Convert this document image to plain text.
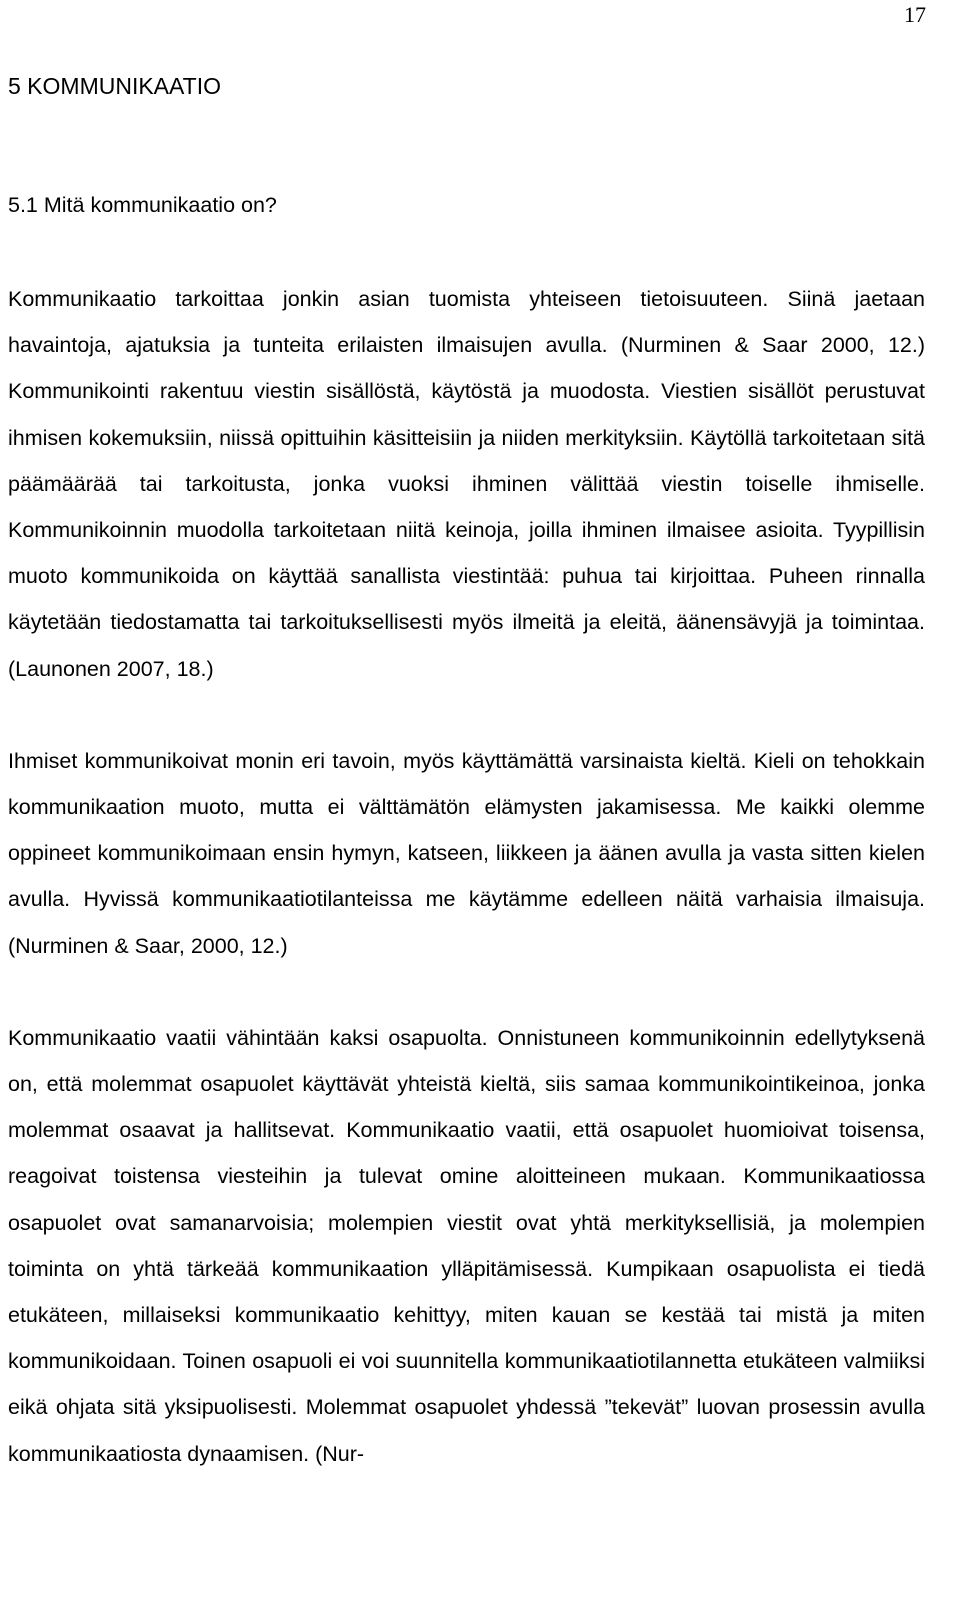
17
5 KOMMUNIKAATIO
5.1 Mitä kommunikaatio on?

Kommunikaatio tarkoittaa jonkin asian tuomista yhteiseen tietoisuuteen. Siinä jaetaan havaintoja, ajatuksia ja tunteita erilaisten ilmaisujen avulla. (Nurminen & Saar 2000, 12.) Kommunikointi rakentuu viestin sisällöstä, käytöstä ja muodosta. Viestien sisällöt perustuvat ihmisen kokemuksiin, niissä opittuihin käsitteisiin ja niiden merkityksiin. Käytöllä tarkoitetaan sitä päämäärää tai tarkoitusta, jonka vuoksi ihminen välittää viestin toiselle ihmiselle. Kommunikoinnin muodolla tarkoitetaan niitä keinoja, joilla ihminen ilmaisee asioita. Tyypillisin muoto kommunikoida on käyttää sanallista viestintää: puhua tai kirjoittaa. Puheen rinnalla käytetään tiedostamatta tai tarkoituksellisesti myös ilmeitä ja eleitä, äänensävyjä ja toimintaa. (Launonen 2007, 18.)

Ihmiset kommunikoivat monin eri tavoin, myös käyttämättä varsinaista kieltä. Kieli on tehokkain kommunikaation muoto, mutta ei välttämätön elämysten jakamisessa. Me kaikki olemme oppineet kommunikoimaan ensin hymyn, katseen, liikkeen ja äänen avulla ja vasta sitten kielen avulla. Hyvissä kommunikaatiotilanteissa me käytämme edelleen näitä varhaisia ilmaisuja. (Nurminen & Saar, 2000, 12.)

Kommunikaatio vaatii vähintään kaksi osapuolta. Onnistuneen kommunikoinnin edellytyksenä on, että molemmat osapuolet käyttävät yhteistä kieltä, siis samaa kommunikointikeinoa, jonka molemmat osaavat ja hallitsevat. Kommunikaatio vaatii, että osapuolet huomioivat toisensa, reagoivat toistensa viesteihin ja tulevat omine aloitteineen mukaan. Kommunikaatiossa osapuolet ovat samanarvoisia; molempien viestit ovat yhtä merkityksellisiä, ja molempien toiminta on yhtä tärkeää kommunikaation ylläpitämisessä. Kumpikaan osapuolista ei tiedä etukäteen, millaiseksi kommunikaatio kehittyy, miten kauan se kestää tai mistä ja miten kommunikoidaan. Toinen osapuoli ei voi suunnitella kommunikaatiotilannetta etukäteen valmiiksi eikä ohjata sitä yksipuolisesti. Molemmat osapuolet yhdessä ”tekevät” luovan prosessin avulla kommunikaatiosta dynaamisen. (Nur-
